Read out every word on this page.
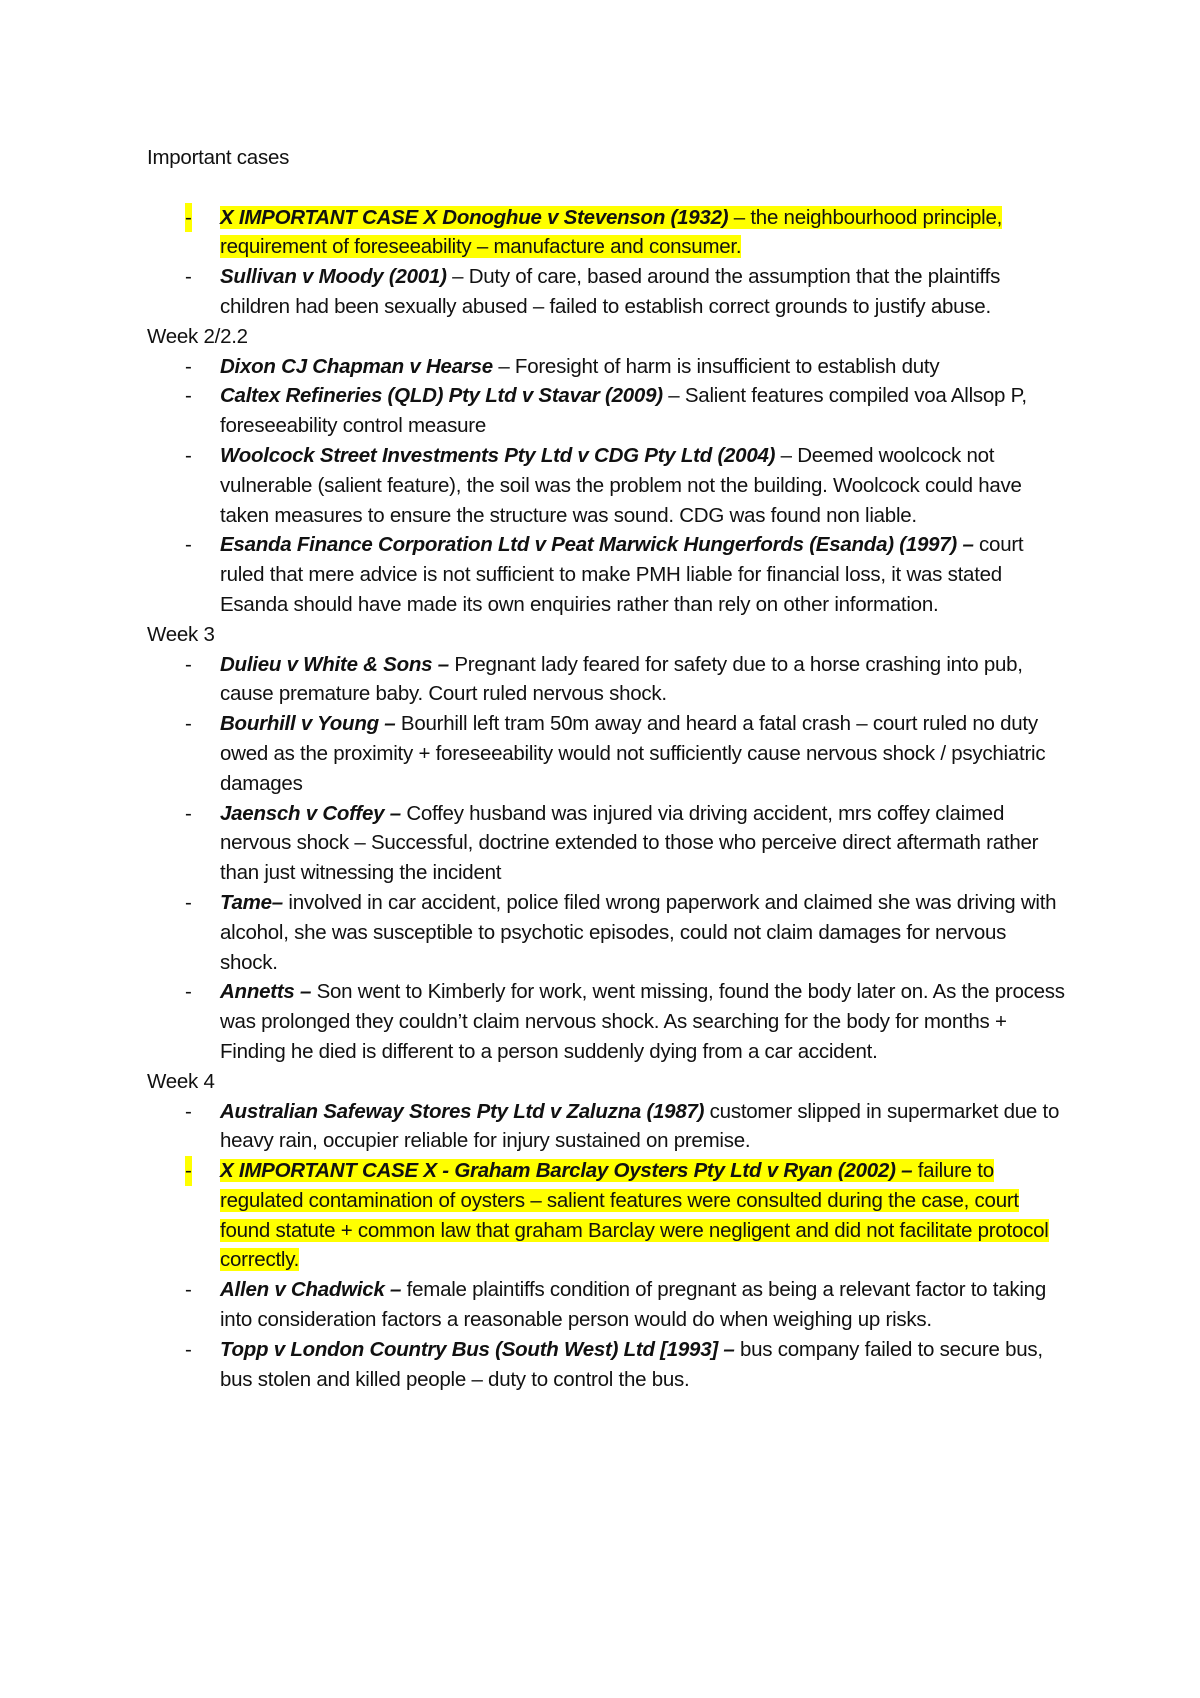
Important cases

- X IMPORTANT CASE X Donoghue v Stevenson (1932) – the neighbourhood principle, requirement of foreseeability – manufacture and consumer.
- Sullivan v Moody (2001) – Duty of care, based around the assumption that the plaintiffs children had been sexually abused – failed to establish correct grounds to justify abuse.

Week 2/2.2

- Dixon CJ Chapman v Hearse – Foresight of harm is insufficient to establish duty
- Caltex Refineries (QLD) Pty Ltd v Stavar (2009) – Salient features compiled voa Allsop P, foreseeability control measure
- Woolcock Street Investments Pty Ltd v CDG Pty Ltd (2004) – Deemed woolcock not vulnerable (salient feature), the soil was the problem not the building. Woolcock could have taken measures to ensure the structure was sound. CDG was found non liable.
- Esanda Finance Corporation Ltd v Peat Marwick Hungerfords (Esanda) (1997) – court ruled that mere advice is not sufficient to make PMH liable for financial loss, it was stated Esanda should have made its own enquiries rather than rely on other information.

Week 3

- Dulieu v White & Sons – Pregnant lady feared for safety due to a horse crashing into pub, cause premature baby. Court ruled nervous shock.
- Bourhill v Young – Bourhill left tram 50m away and heard a fatal crash – court ruled no duty owed as the proximity + foreseeability would not sufficiently cause nervous shock / psychiatric damages
- Jaensch v Coffey – Coffey husband was injured via driving accident, mrs coffey claimed nervous shock – Successful, doctrine extended to those who perceive direct aftermath rather than just witnessing the incident
- Tame– involved in car accident, police filed wrong paperwork and claimed she was driving with alcohol, she was susceptible to psychotic episodes, could not claim damages for nervous shock.
- Annetts – Son went to Kimberly for work, went missing, found the body later on. As the process was prolonged they couldn’t claim nervous shock. As searching for the body for months + Finding he died is different to a person suddenly dying from a car accident.

Week 4

- Australian Safeway Stores Pty Ltd v Zaluzna (1987) customer slipped in supermarket due to heavy rain, occupier reliable for injury sustained on premise.
- X IMPORTANT CASE X - Graham Barclay Oysters Pty Ltd v Ryan (2002) – failure to regulated contamination of oysters – salient features were consulted during the case, court found statute + common law that graham Barclay were negligent and did not facilitate protocol correctly.
- Allen v Chadwick – female plaintiffs condition of pregnant as being a relevant factor to taking into consideration factors a reasonable person would do when weighing up risks.
- Topp v London Country Bus (South West) Ltd [1993] – bus company failed to secure bus, bus stolen and killed people – duty to control the bus.
